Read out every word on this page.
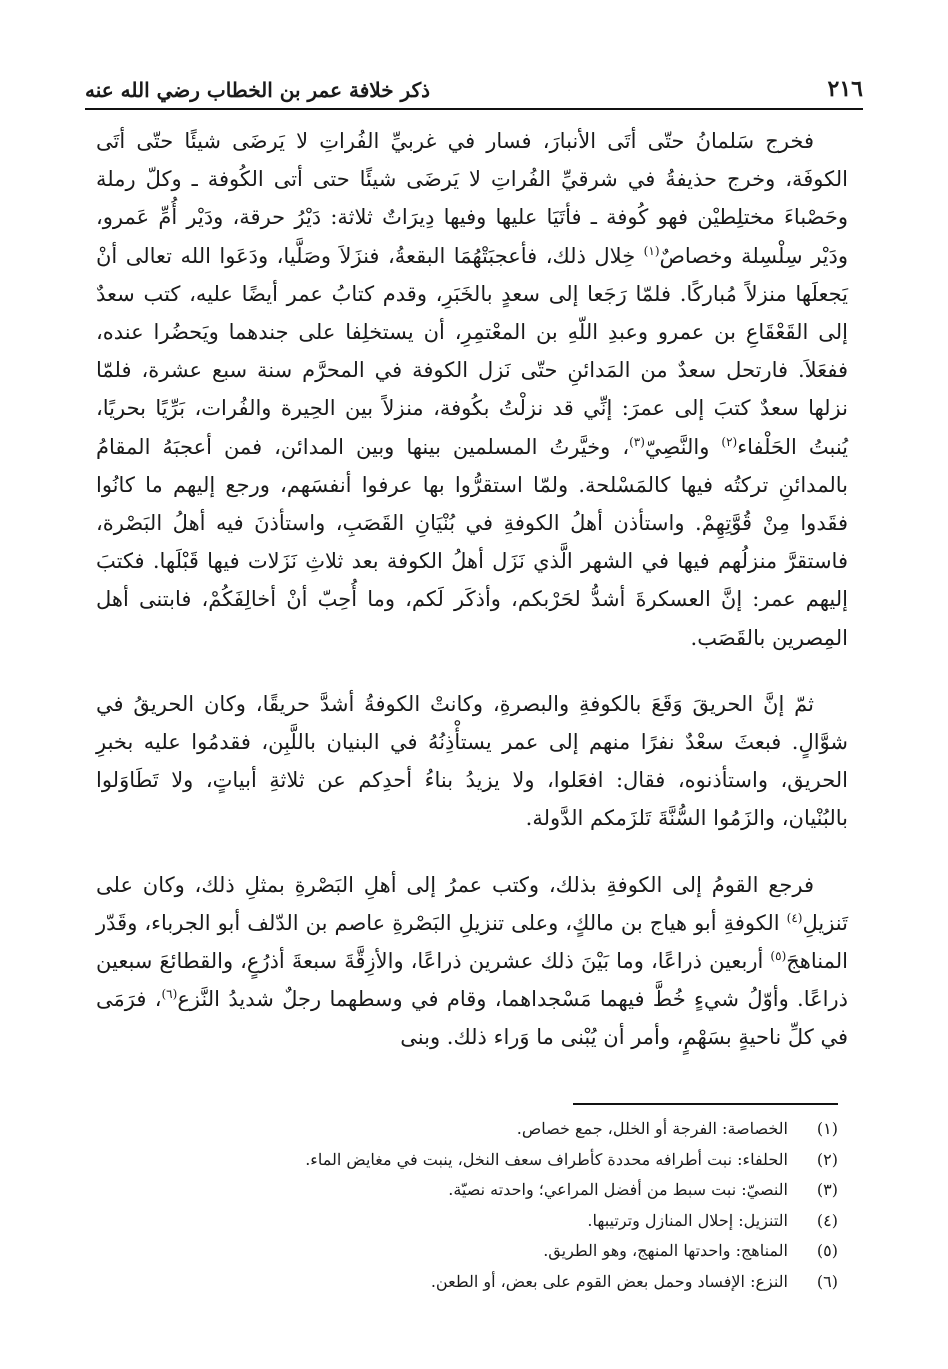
٢١٦
ذكر خلافة عمر بن الخطاب رضي الله عنه

فخرج سَلمانُ حتّى أتَى الأنبارَ، فسار في غربيِّ الفُراتِ لا يَرضَى شيئًا حتّى أتَى الكوفَة، وخرج حذيفةُ في شرقيِّ الفُراتِ لا يَرضَى شيئًا حتى أتى الكُوفة ـ وكلّ رملة وحَصْباءَ مختلِطيْن فهو كُوفة ـ فأتَيَا عليها وفيها دِيرَاتٌ ثلاثة: دَيْرُ حرقة، ودَيْر أُمِّ عَمرو، ودَيْر سِلْسِلة وخصاصٌ$^{(١)}$ خِلال ذلك، فأعجبَتْهُمَا البقعةُ، فنزَلاَ وصَلَّيا، ودَعَوا الله تعالى أنْ يَجعلَها منزلاً مُباركًا. فلمّا رَجَعا إلى سعدٍ بالخَبَرِ، وقدم كتابُ عمر أيضًا عليه، كتب سعدٌ إلى القَعْقَاعِ بن عمرو وعبدِ اللّهِ بن المعْتمِرِ، أن يستخلِفا على جندهما ويَحضُرا عنده، ففعَلاَ. فارتحل سعدٌ من المَدائنِ حتّى نَزل الكوفة في المحرَّم سنة سبع عشرة، فلمّا نزلها سعدٌ كتبَ إلى عمرَ: إنِّي قد نزلْتُ بكُوفة، منزلاً بين الحِيرة والفُرات، بَرِّيًا بحريًا، يُنبتُ الحَلْفاء$^{(٢)}$ والنَّصِيّ$^{(٣)}$، وخيَّرتُ المسلمين بينها وبين المدائن، فمن أعجبَهُ المقامُ بالمدائنِ تركتُه فيها كالمَسْلحة. ولمّا استقرُّوا بها عرفوا أنفسَهم، ورجع إليهم ما كانُوا فقَدوا مِنْ قُوَّتِهِمْ. واستأذن أهلُ الكوفةِ في بُنْيَانِ القَصَبِ، واستأذنَ فيه أهلُ البَصْرة، فاستقرَّ منزلُهم فيها في الشهر الَّذي نَزَل أهلُ الكوفة بعد ثلاثِ نَزَلات فيها قَبْلَها. فكتبَ إليهم عمر: إنَّ العسكرةَ أشدُّ لحَرْبكم، وأذكَر لَكم، وما أُحِبّ أنْ أخالِفَكُمْ، فابتنى أهل المِصرين بالقَصَب.

ثمّ إنَّ الحريقَ وَقَعَ بالكوفةِ والبصرةِ، وكانتْ الكوفةُ أشدَّ حريقًا، وكان الحريقُ في شوَّالٍ. فبعثَ سعْدٌ نفرًا منهم إلى عمر يستأْذِنُهُ في البنيان باللَّبِن، فقدمُوا عليه بخبرِ الحريق، واستأذنوه، فقال: افعَلوا، ولا يزيدُ بناءُ أحدِكم عن ثلاثةِ أبياتٍ، ولا تَطَاوَلوا بالبُنْيان، والزَمُوا السُّنَّةَ تَلزَمكم الدَّولة.

فرجع القومُ إلى الكوفةِ بذلك، وكتب عمرُ إلى أهلِ البَصْرةِ بمثلِ ذلك، وكان على تَنزيلِ$^{(٤)}$ الكوفةِ أبو هياج بن مالكٍ، وعلى تنزيلِ البَصْرةِ عاصم بن الدّلف أبو الجرباء، وقَدّر المناهجَ$^{(٥)}$ أربعين ذراعًا، وما بَيْنَ ذلك عشرين ذراعًا، والأزِقَّةَ سبعةَ أذرُعٍ، والقطائعَ سبعين ذراعًا. وأوّلُ شيءٍ خُطَّ فيهما مَسْجداهما، وقام في وسطهما رجلٌ شديدُ النَّزع$^{(٦)}$، فرَمَى في كلِّ ناحيةٍ بسَهْمٍ، وأمر أن يُبْنى ما وَراء ذلك. وبنى

(١)
الخصاصة: الفرجة أو الخلل، جمع خصاص.
(٢)
الحلفاء: نبت أطرافه محددة كأطراف سعف النخل، ينبت في مغايض الماء.
(٣)
النصيّ: نبت سبط من أفضل المراعي؛ واحدته نصيّة.
(٤)
التنزيل: إحلال المنازل وترتيبها.
(٥)
المناهج: واحدتها المنهج، وهو الطريق.
(٦)
النزع: الإفساد وحمل بعض القوم على بعض، أو الطعن.
